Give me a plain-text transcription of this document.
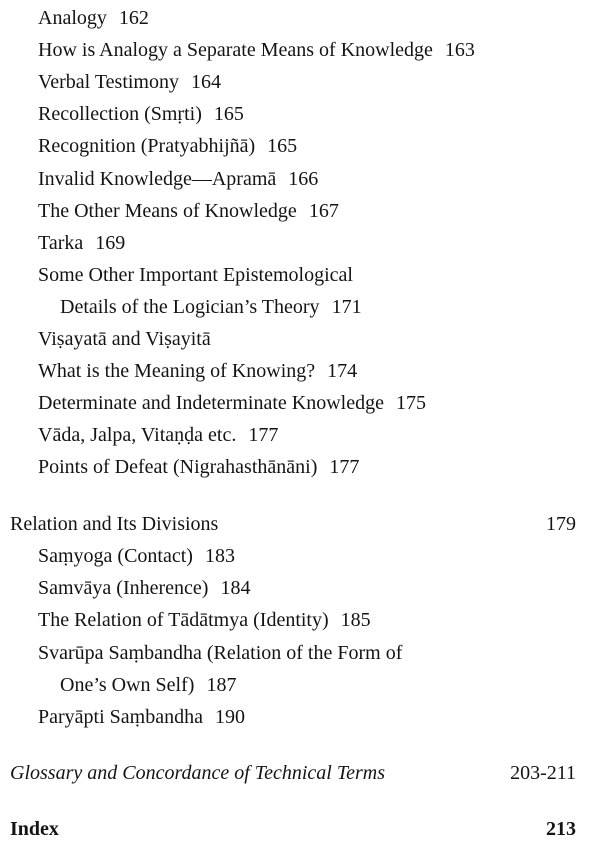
Analogy 162
How is Analogy a Separate Means of Knowledge 163
Verbal Testimony 164
Recollection (Smṛti) 165
Recognition (Pratyabhijñā) 165
Invalid Knowledge—Apramā 166
The Other Means of Knowledge 167
Tarka 169
Some Other Important Epistemological
Details of the Logician’s Theory 171
Viṣayatā and Viṣayitā
What is the Meaning of Knowing? 174
Determinate and Indeterminate Knowledge 175
Vāda, Jalpa, Vitaṇḍa etc. 177
Points of Defeat (Nigrahasthānāni) 177
Relation and Its Divisions	179
Saṃyoga (Contact) 183
Samvāya (Inherence) 184
The Relation of Tādātmya (Identity) 185
Svarūpa Saṃbandha (Relation of the Form of
One’s Own Self) 187
Paryāpti Saṃbandha 190
Glossary and Concordance of Technical Terms	203-211
Index	213
